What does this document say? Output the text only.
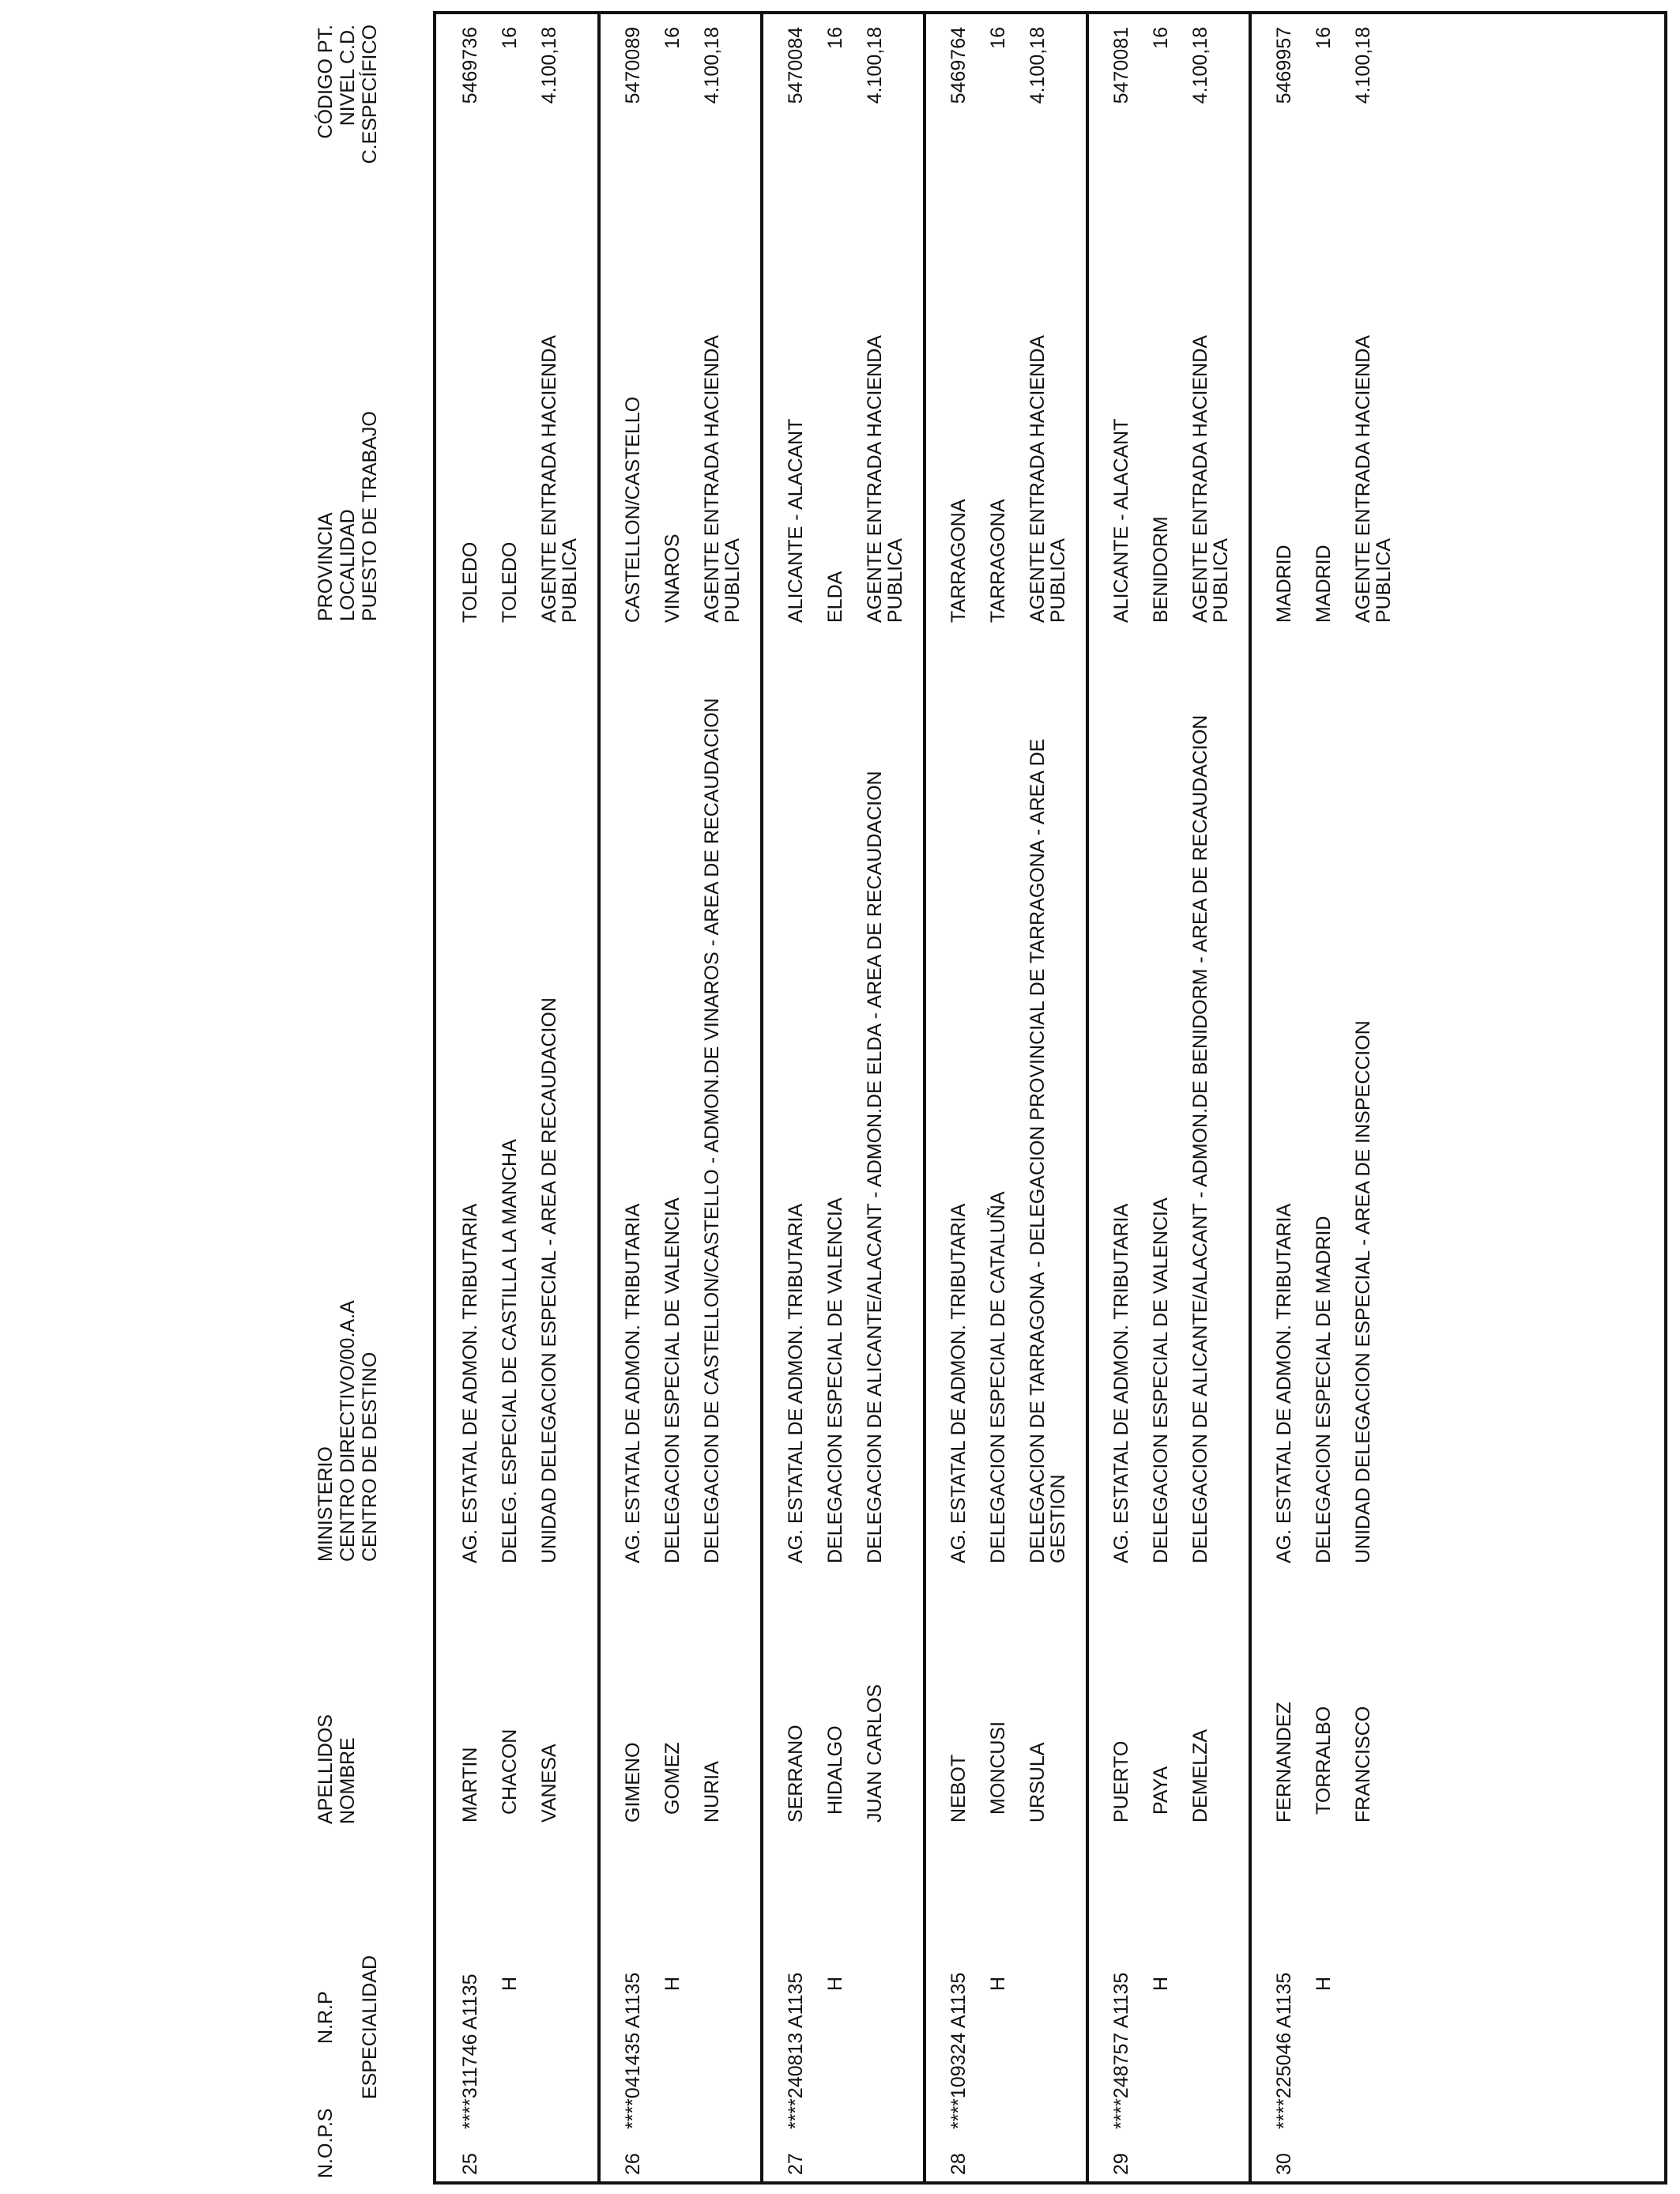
N.O.P.S
N.R.P ESPECIALIDAD
APELLIDOS NOMBRE
MINISTERIO CENTRO DIRECTIVO/00.A.A CENTRO DE DESTINO
PROVINCIA LOCALIDAD PUESTO DE TRABAJO
CÓDIGO PT. NIVEL C.D. C.ESPECÍFICO
25
****311746 A1135 H
MARTIN CHACON VANESA
AG. ESTATAL DE ADMON. TRIBUTARIA DELEG. ESPECIAL DE CASTILLA LA MANCHA
TOLEDO TOLEDO
UNIDAD DELEGACION ESPECIAL - AREA DE RECAUDACION
AGENTE ENTRADA HACIENDA PUBLICA
5469736 16 4.100,18
26
****041435 A1135 H
GIMENO GOMEZ NURIA
AG. ESTATAL DE ADMON. TRIBUTARIA DELEGACION ESPECIAL DE VALENCIA
CASTELLON/CASTELLO VINAROS
DELEGACION DE CASTELLON/CASTELLO - ADMON.DE VINAROS - AREA DE RECAUDACION
AGENTE ENTRADA HACIENDA PUBLICA
5470089 16 4.100,18
27
****240813 A1135 H
SERRANO HIDALGO JUAN CARLOS
AG. ESTATAL DE ADMON. TRIBUTARIA DELEGACION ESPECIAL DE VALENCIA
ALICANTE - ALACANT ELDA
DELEGACION DE ALICANTE/ALACANT - ADMON.DE ELDA - AREA DE RECAUDACION
AGENTE ENTRADA HACIENDA PUBLICA
5470084 16 4.100,18
28
****109324 A1135 H
NEBOT MONCUSI URSULA
AG. ESTATAL DE ADMON. TRIBUTARIA DELEGACION ESPECIAL DE CATALUÑA
TARRAGONA TARRAGONA
DELEGACION DE TARRAGONA - DELEGACION PROVINCIAL DE TARRAGONA - AREA DE GESTION
AGENTE ENTRADA HACIENDA PUBLICA
5469764 16 4.100,18
29
****248757 A1135 H
PUERTO PAYA DEMELZA
AG. ESTATAL DE ADMON. TRIBUTARIA DELEGACION ESPECIAL DE VALENCIA
ALICANTE - ALACANT BENIDORM
DELEGACION DE ALICANTE/ALACANT - ADMON.DE BENIDORM - AREA DE RECAUDACION
AGENTE ENTRADA HACIENDA PUBLICA
5470081 16 4.100,18
30
****225046 A1135 H
FERNANDEZ TORRALBO FRANCISCO
AG. ESTATAL DE ADMON. TRIBUTARIA DELEGACION ESPECIAL DE MADRID
MADRID MADRID
UNIDAD DELEGACION ESPECIAL - AREA DE INSPECCION
AGENTE ENTRADA HACIENDA PUBLICA
5469957 16 4.100,18
